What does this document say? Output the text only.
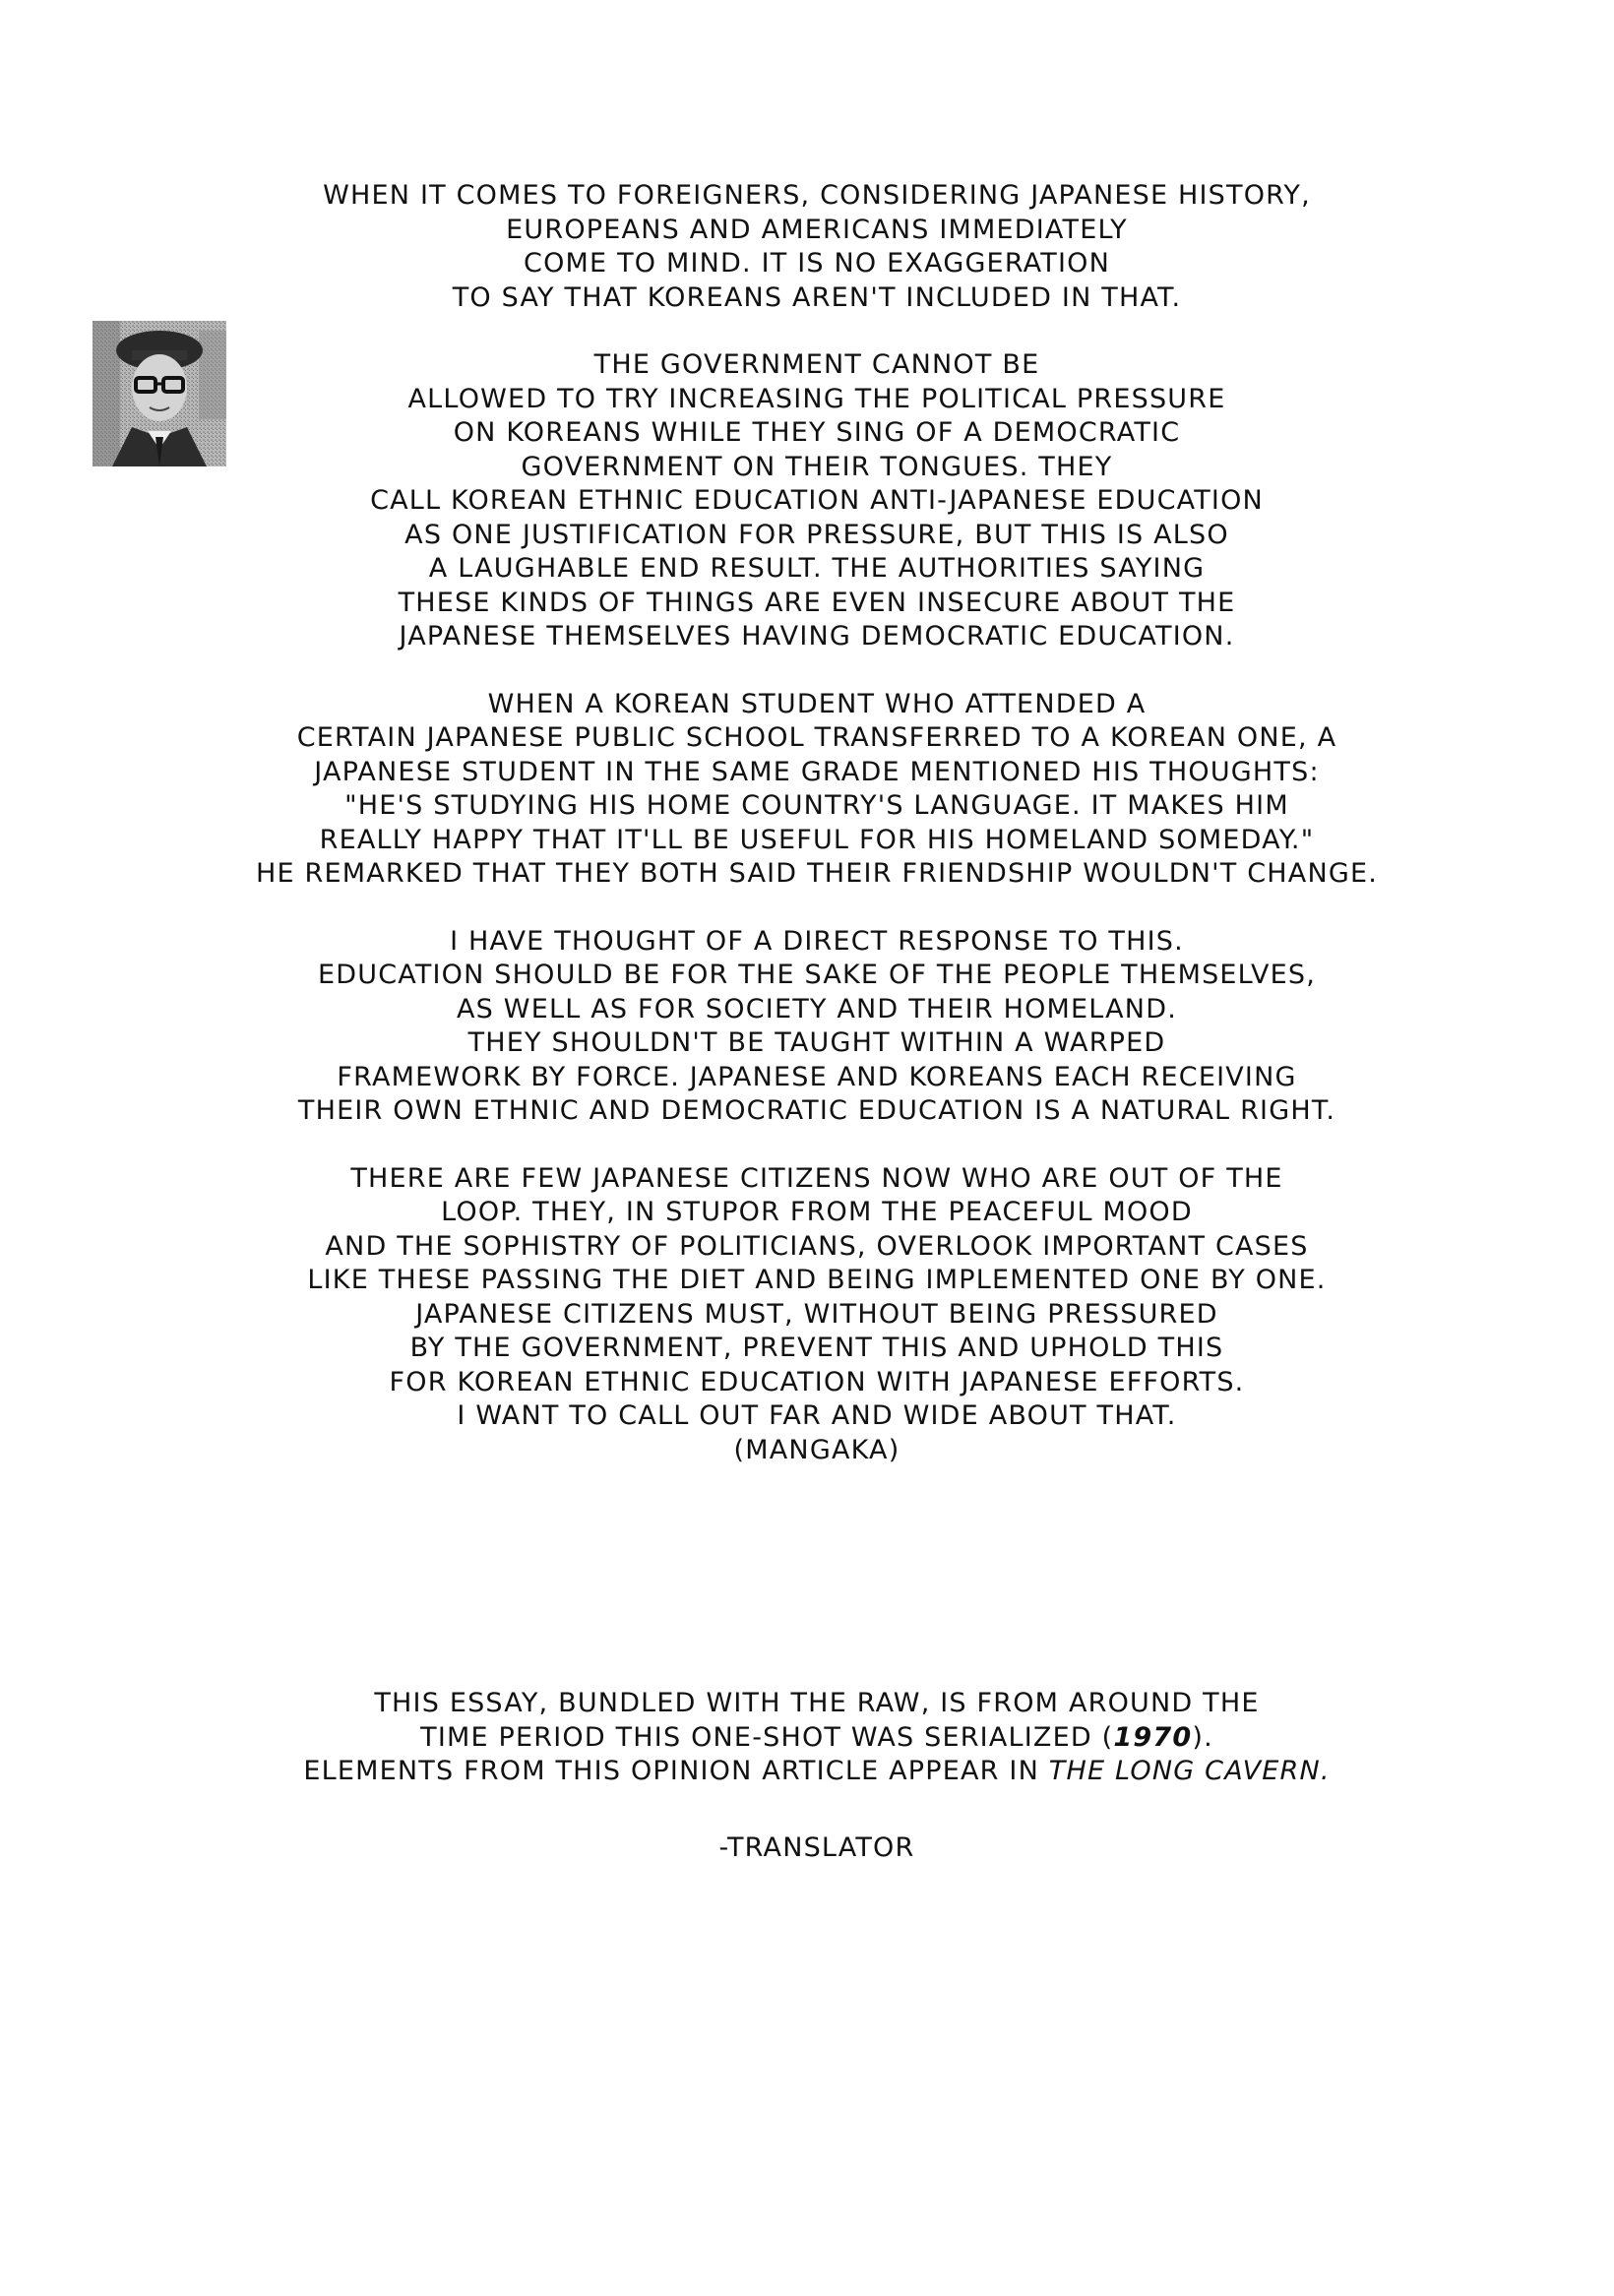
WHEN IT COMES TO FOREIGNERS, CONSIDERING JAPANESE HISTORY,
EUROPEANS AND AMERICANS IMMEDIATELY
COME TO MIND. IT IS NO EXAGGERATION
TO SAY THAT KOREANS AREN'T INCLUDED IN THAT.
THE GOVERNMENT CANNOT BE
ALLOWED TO TRY INCREASING THE POLITICAL PRESSURE
ON KOREANS WHILE THEY SING OF A DEMOCRATIC
GOVERNMENT ON THEIR TONGUES. THEY
CALL KOREAN ETHNIC EDUCATION ANTI-JAPANESE EDUCATION
AS ONE JUSTIFICATION FOR PRESSURE, BUT THIS IS ALSO
A LAUGHABLE END RESULT. THE AUTHORITIES SAYING
THESE KINDS OF THINGS ARE EVEN INSECURE ABOUT THE
JAPANESE THEMSELVES HAVING DEMOCRATIC EDUCATION.
WHEN A KOREAN STUDENT WHO ATTENDED A
CERTAIN JAPANESE PUBLIC SCHOOL TRANSFERRED TO A KOREAN ONE, A
JAPANESE STUDENT IN THE SAME GRADE MENTIONED HIS THOUGHTS:
"HE'S STUDYING HIS HOME COUNTRY'S LANGUAGE. IT MAKES HIM
REALLY HAPPY THAT IT'LL BE USEFUL FOR HIS HOMELAND SOMEDAY."
HE REMARKED THAT THEY BOTH SAID THEIR FRIENDSHIP WOULDN'T CHANGE.
I HAVE THOUGHT OF A DIRECT RESPONSE TO THIS.
EDUCATION SHOULD BE FOR THE SAKE OF THE PEOPLE THEMSELVES,
AS WELL AS FOR SOCIETY AND THEIR HOMELAND.
THEY SHOULDN'T BE TAUGHT WITHIN A WARPED
FRAMEWORK BY FORCE. JAPANESE AND KOREANS EACH RECEIVING
THEIR OWN ETHNIC AND DEMOCRATIC EDUCATION IS A NATURAL RIGHT.
THERE ARE FEW JAPANESE CITIZENS NOW WHO ARE OUT OF THE
LOOP. THEY, IN STUPOR FROM THE PEACEFUL MOOD
AND THE SOPHISTRY OF POLITICIANS, OVERLOOK IMPORTANT CASES
LIKE THESE PASSING THE DIET AND BEING IMPLEMENTED ONE BY ONE.
JAPANESE CITIZENS MUST, WITHOUT BEING PRESSURED
BY THE GOVERNMENT, PREVENT THIS AND UPHOLD THIS
FOR KOREAN ETHNIC EDUCATION WITH JAPANESE EFFORTS.
I WANT TO CALL OUT FAR AND WIDE ABOUT THAT.
(MANGAKA)
THIS ESSAY, BUNDLED WITH THE RAW, IS FROM AROUND THE
TIME PERIOD THIS ONE-SHOT WAS SERIALIZED (1970).
ELEMENTS FROM THIS OPINION ARTICLE APPEAR IN THE LONG CAVERN.
-TRANSLATOR
